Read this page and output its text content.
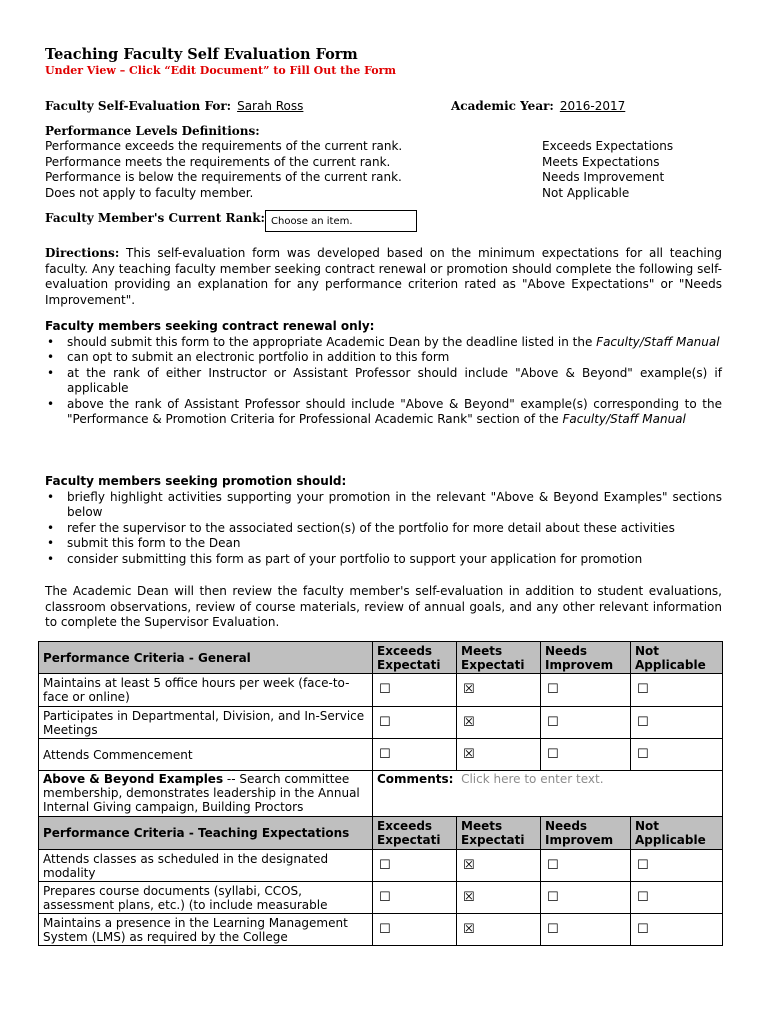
Teaching Faculty Self Evaluation Form
Under View – Click “Edit Document” to Fill Out the Form
Faculty Self-Evaluation For: Sarah Ross	Academic Year: 2016-2017
Performance Levels Definitions:
Performance exceeds the requirements of the current rank.	Exceeds Expectations
Performance meets the requirements of the current rank.	Meets Expectations
Performance is below the requirements of the current rank.	Needs Improvement
Does not apply to faculty member.	Not Applicable
Faculty Member's Current Rank: Choose an item.

Directions: This self-evaluation form was developed based on the minimum expectations for all teaching faculty. Any teaching faculty member seeking contract renewal or promotion should complete the following self-evaluation providing an explanation for any performance criterion rated as "Above Expectations" or "Needs Improvement".

Faculty members seeking contract renewal only:
• should submit this form to the appropriate Academic Dean by the deadline listed in the Faculty/Staff Manual
• can opt to submit an electronic portfolio in addition to this form
• at the rank of either Instructor or Assistant Professor should include "Above & Beyond" example(s) if applicable
• above the rank of Assistant Professor should include "Above & Beyond" example(s) corresponding to the "Performance & Promotion Criteria for Professional Academic Rank" section of the Faculty/Staff Manual
Faculty members seeking promotion should:
• briefly highlight activities supporting your promotion in the relevant "Above & Beyond Examples" sections below
• refer the supervisor to the associated section(s) of the portfolio for more detail about these activities
• submit this form to the Dean
• consider submitting this form as part of your portfolio to support your application for promotion

The Academic Dean will then review the faculty member's self-evaluation in addition to student evaluations, classroom observations, review of course materials, review of annual goals, and any other relevant information to complete the Supervisor Evaluation.

Performance Criteria - General	Exceeds Expectati	Meets Expectati	Needs Improvem	Not Applicable
Maintains at least 5 office hours per week (face-to-face or online)	☐	☒	☐	☐
Participates in Departmental, Division, and In-Service Meetings	☐	☒	☐	☐
Attends Commencement	☐	☒	☐	☐
Above & Beyond Examples -- Search committee membership, demonstrates leadership in the Annual Internal Giving campaign, Building Proctors	Comments: Click here to enter text.			
Performance Criteria - Teaching Expectations	Exceeds Expectati	Meets Expectati	Needs Improvem	Not Applicable
Attends classes as scheduled in the designated modality	☐	☒	☐	☐
Prepares course documents (syllabi, CCOS, assessment plans, etc.) (to include measurable	☐	☒	☐	☐
Maintains a presence in the Learning Management System (LMS) as required by the College	☐	☒	☐	☐
